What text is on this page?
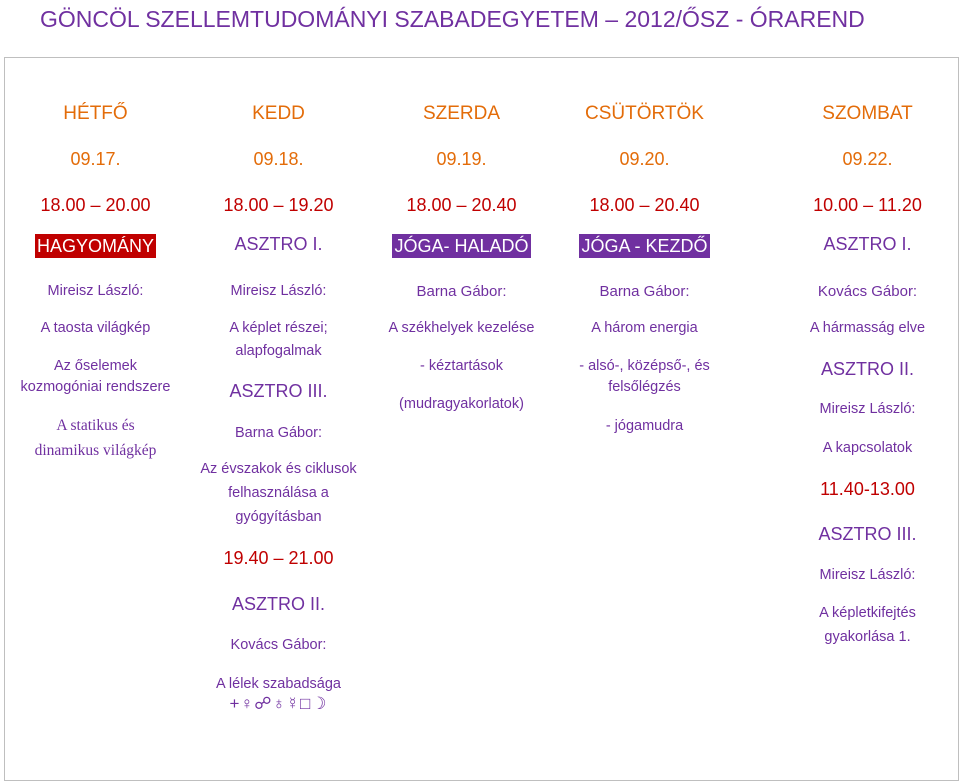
GÖNCÖL SZELLEMTUDOMÁNYI SZABADEGYETEM – 2012/ŐSZ - ÓRAREND
HÉTFŐ
09.17.
18.00 – 20.00
HAGYOMÁNY
Mireisz László:
A taosta világkép
Az őselemek
kozmogóniai rendszere
A statikus és
dinamikus világkép
KEDD
09.18.
18.00 – 19.20
ASZTRO I.
Mireisz László:
A képlet részei;
alapfogalmak
ASZTRO III.
Barna Gábor:
Az évszakok és ciklusok
felhasználása a
gyógyításban
19.40 – 21.00
ASZTRO II.
Kovács Gábor:
A lélek szabadsága
+♀☍♁☿□☽
SZERDA
09.19.
18.00 – 20.40
JÓGA- HALADÓ
Barna Gábor:
A székhelyek kezelése
- kéztartások
(mudragyakorlatok)
CSÜTÖRTÖK
09.20.
18.00 – 20.40
JÓGA - KEZDŐ
Barna Gábor:
A három energia
- alsó-, középső-, és
felsőlégzés
- jógamudra
SZOMBAT
09.22.
10.00 – 11.20
ASZTRO I.
Kovács Gábor:
A hármasság elve
ASZTRO II.
Mireisz László:
A kapcsolatok
11.40-13.00
ASZTRO III.
Mireisz László:
A képletkifejtés
gyakorlása 1.
